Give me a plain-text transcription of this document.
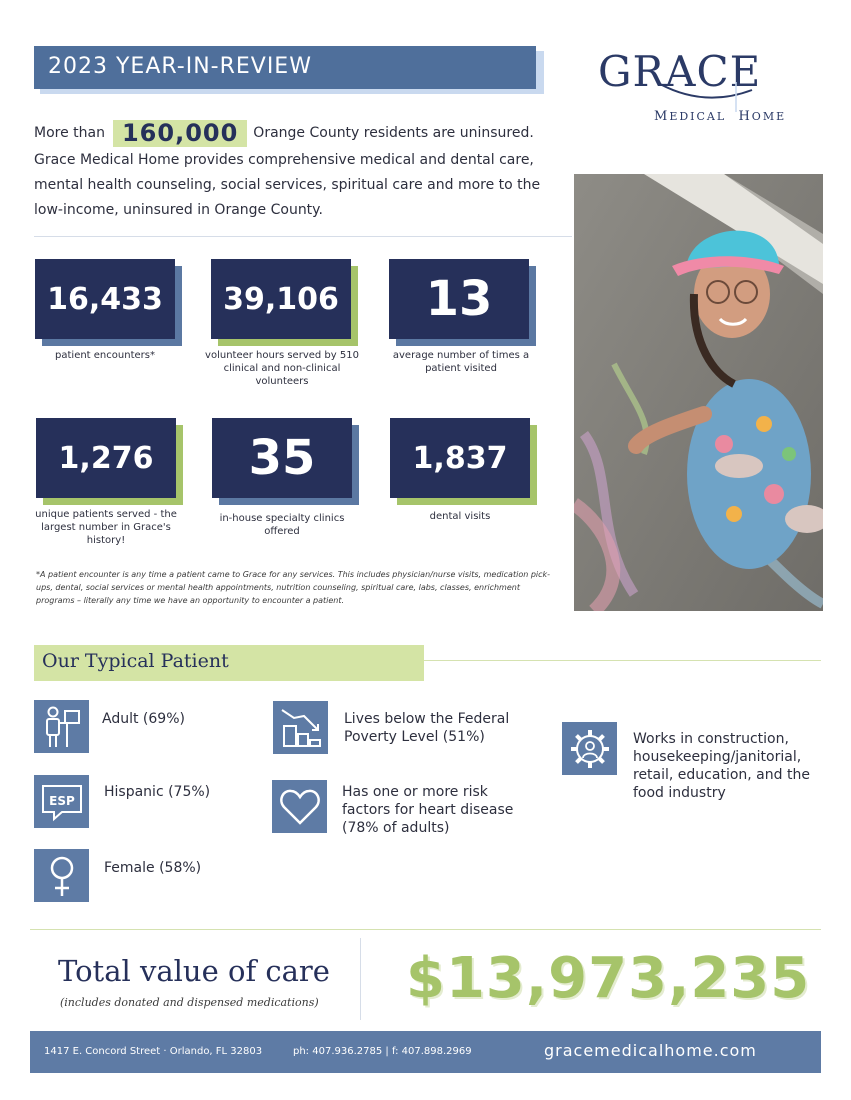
2023 YEAR-IN-REVIEW	GRACE
MEDICAL  HOME
More than 160,000	Orange County residents are uninsured.
Grace Medical Home provides comprehensive medical and dental care, mental health counseling, social services, spiritual care and more to the low-income, uninsured in Orange County.
16,433
patient encounters*
39,106
volunteer hours served by 510 clinical and non-clinical volunteers
13
average number of times a patient visited
1,276
unique patients served - the largest number in Grace's history!
35
in-house specialty clinics offered
1,837
dental visits
*A patient encounter is any time a patient came to Grace for any services. This includes physician/nurse visits, medication pick-ups, dental, social services or mental health appointments, nutrition counseling, spiritual care, labs, classes, enrichment programs – literally any time we have an opportunity to encounter a patient.
Our Typical Patient
Adult (69%)
ESP
Hispanic (75%)
Female (58%)
Lives below the Federal Poverty Level (51%)
Has one or more risk factors for heart disease (78% of adults)
Works in construction, housekeeping/janitorial, retail, education, and the food industry
Total value of care
(includes donated and dispensed medications) $13,973,235
1417 E. Concord Street · Orlando, FL 32803	ph: 407.936.2785 | f: 407.898.2969	gracemedicalhome.com
